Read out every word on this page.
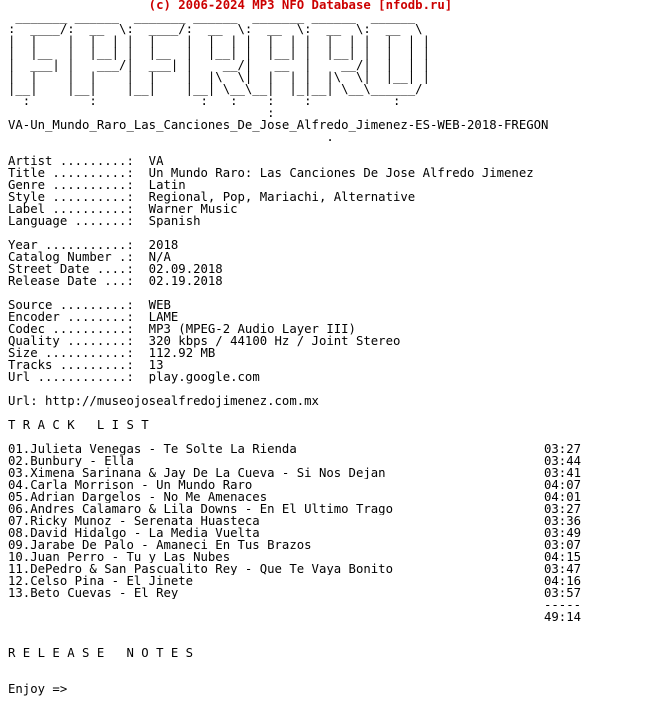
(c) 2006-2024 MP3 NFO Database [nfodb.ru]
_______ ______  _______ ______  _______ ______  ______
:  ____/:  __  \:  ____/:  __  \:  __  \:  __  \:  __  \
|  |    |  |  | |  |    |  |  | |  |  | |  |  | |  |  | |
|  |__  |  |__| |  |__  |  |__| |  |__| |  |__| |  |  | |
|  ___| |   ___/|  ___| |    __/|   __  |    __/|  |  | |
|  |    |  |    |  |    |  |\  \|  |  | |  |\  \|  |__| |
|__|    |__|    |__|    |__| \__\__|  |_|__| \__\______/
:        :              :   :    :    :           :
:
VA-Un_Mundo_Raro_Las_Canciones_De_Jose_Alfredo_Jimenez-ES-WEB-2018-FREGON
.

Artist .........: VA
Title ..........: Un Mundo Raro: Las Canciones De Jose Alfredo Jimenez
Genre ..........: Latin
Style ..........: Regional, Pop, Mariachi, Alternative
Label ..........: Warner Music
Language .......: Spanish

Year ...........: 2018
Catalog Number .: N/A
Street Date ....: 02.09.2018
Release Date ...: 02.19.2018

Source .........: WEB
Encoder ........: LAME
Codec ..........: MP3 (MPEG-2 Audio Layer III)
Quality ........: 320 kbps / 44100 Hz / Joint Stereo
Size ...........: 112.92 MB
Tracks .........: 13
Url ............: play.google.com

Url: http://museojosealfredojimenez.com.mx

T R A C K   L I S T

01.Julieta Venegas - Te Solte La Rienda	03:27
02.Bunbury - Ella	03:44
03.Ximena Sarinana & Jay De La Cueva - Si Nos Dejan	03:41
04.Carla Morrison - Un Mundo Raro	04:07
05.Adrian Dargelos - No Me Amenaces	04:01
06.Andres Calamaro & Lila Downs - En El Ultimo Trago	03:27
07.Ricky Munoz - Serenata Huasteca	03:36
08.David Hidalgo - La Media Vuelta	03:49
09.Jarabe De Palo - Amaneci En Tus Brazos	03:07
10.Juan Perro - Tu y Las Nubes	04:15
11.DePedro & San Pascualito Rey - Que Te Vaya Bonito	03:47
12.Celso Pina - El Jinete	04:16
13.Beto Cuevas - El Rey	03:57

-----

49:14

R E L E A S E   N O T E S

Enjoy =>
